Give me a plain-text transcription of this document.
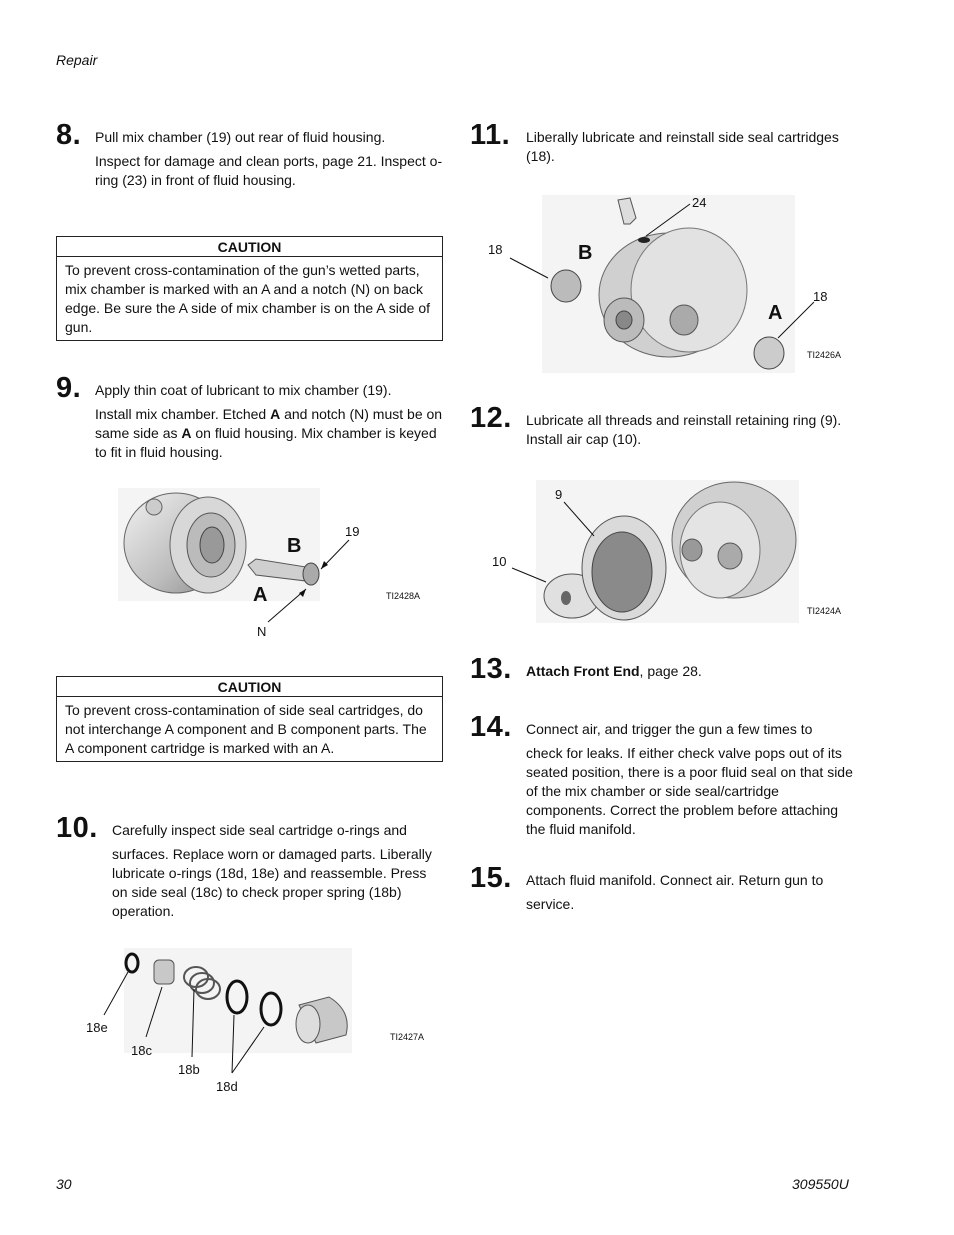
Repair
30	309550U
8. Pull mix chamber (19) out rear of fluid housing.

Inspect for damage and clean ports, page 21. Inspect o-ring (23) in front of fluid housing.

CAUTION
To prevent cross-contamination of the gun’s wetted parts, mix chamber is marked with an A and a notch (N) on back edge. Be sure the A side of mix chamber is on the A side of gun.
9. Apply thin coat of lubricant to mix chamber (19).

Install mix chamber. Etched A and notch (N) must be on same side as A on fluid housing. Mix chamber is keyed to fit in fluid housing.

B
A
19
N
TI2428A
CAUTION
To prevent cross-contamination of side seal cartridges, do not interchange A component and B component parts. The A component cartridge is marked with an A.
10. Carefully inspect side seal cartridge o-rings and

surfaces. Replace worn or damaged parts. Liberally lubricate o-rings (18d, 18e) and reassemble. Press on side seal (18c) to check proper spring (18b) operation.

18e
18c
18b
18d
TI2427A
11. Liberally lubricate and reinstall side seal cartridges (18).

18
24
18
B
A
TI2426A
12. Lubricate all threads and reinstall retaining ring (9). Install air cap (10).

9
10
TI2424A
13. Attach Front End, page 28.

14. Connect air, and trigger the gun a few times to

check for leaks. If either check valve pops out of its seated position, there is a poor fluid seal on that side of the mix chamber or side seal/cartridge components. Correct the problem before attaching the fluid manifold.

15. Attach fluid manifold. Connect air. Return gun to

service.
